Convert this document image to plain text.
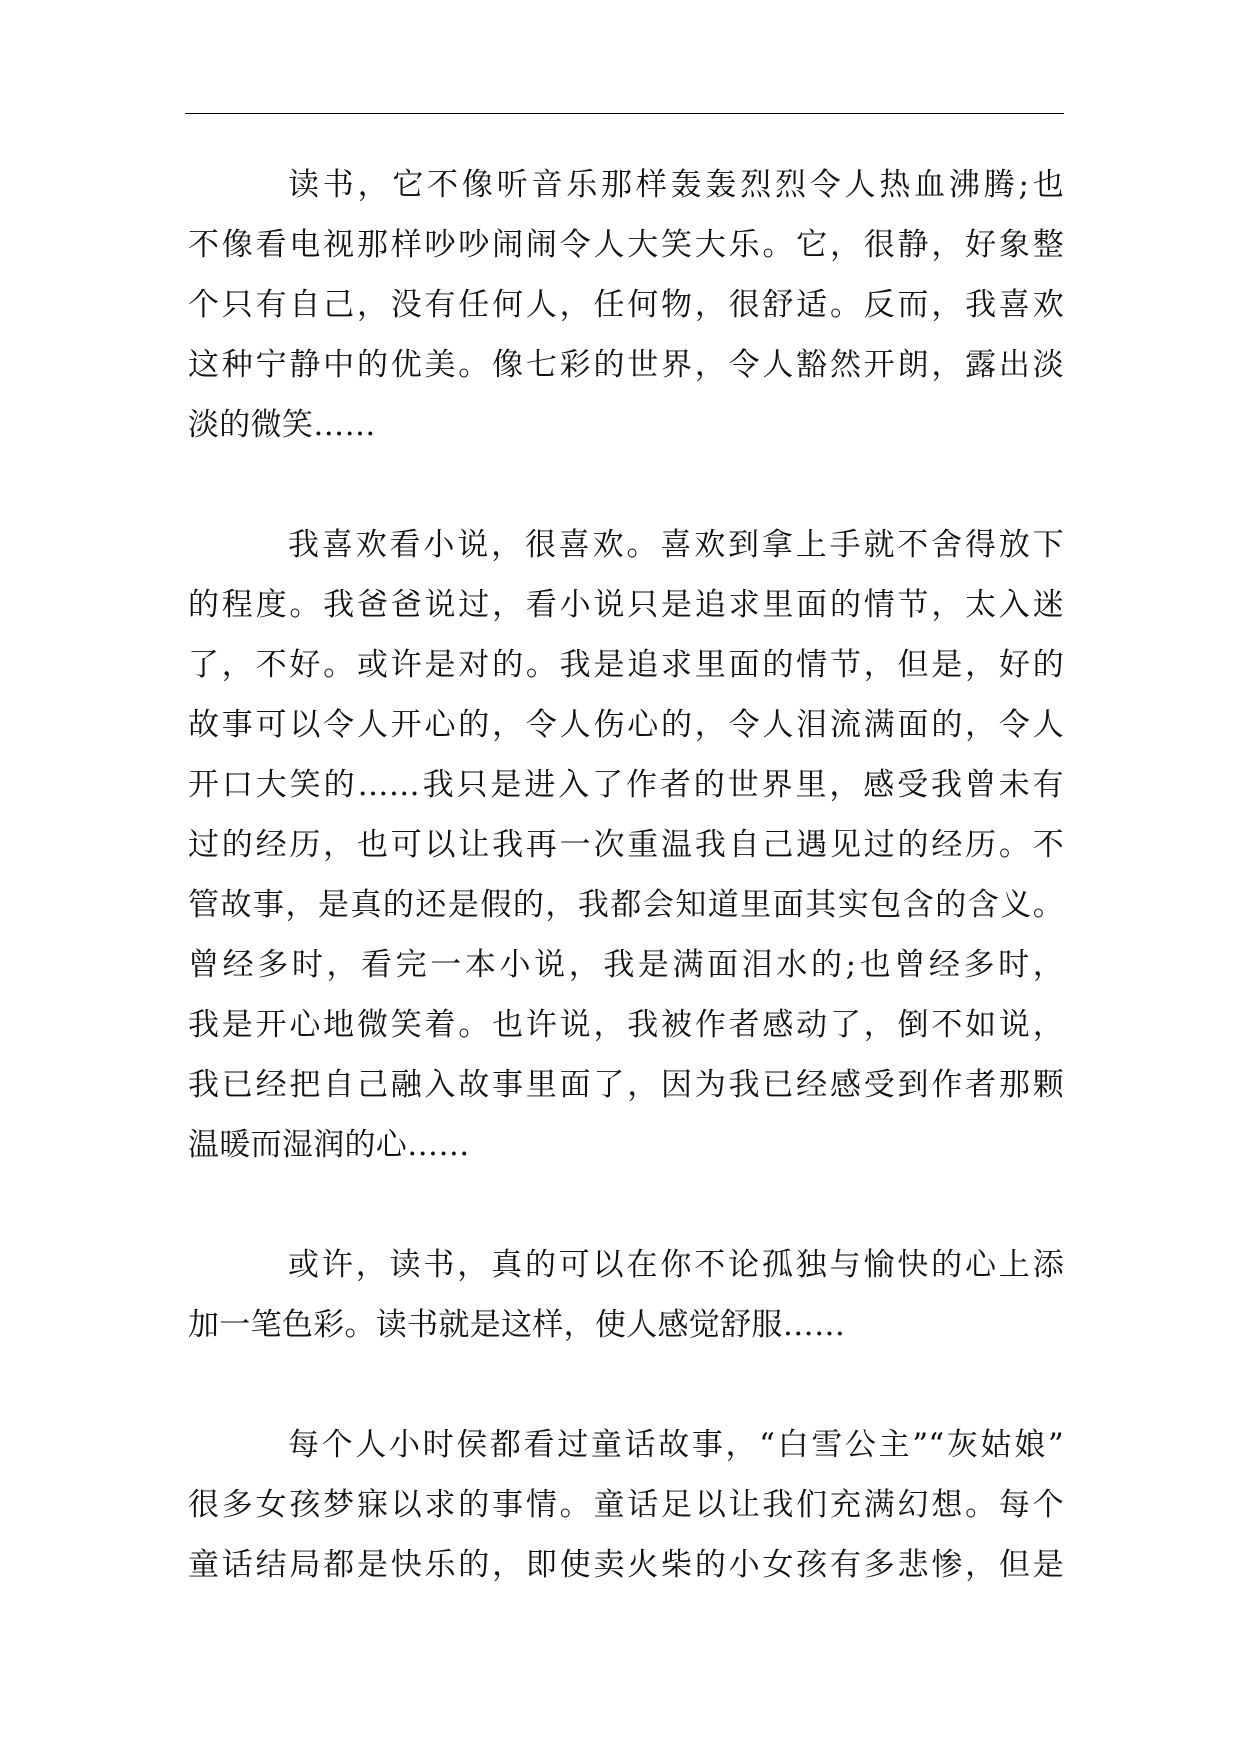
读书，它不像听音乐那样轰轰烈烈令人热血沸腾;也
不像看电视那样吵吵闹闹令人大笑大乐。它，很静，好象整
个只有自己，没有任何人，任何物，很舒适。反而，我喜欢
这种宁静中的优美。像七彩的世界，令人豁然开朗，露出淡
淡的微笑……

我喜欢看小说，很喜欢。喜欢到拿上手就不舍得放下
的程度。我爸爸说过，看小说只是追求里面的情节，太入迷
了，不好。或许是对的。我是追求里面的情节，但是，好的
故事可以令人开心的，令人伤心的，令人泪流满面的，令人
开口大笑的……我只是进入了作者的世界里，感受我曾未有
过的经历，也可以让我再一次重温我自己遇见过的经历。不
管故事，是真的还是假的，我都会知道里面其实包含的含义。
曾经多时，看完一本小说，我是满面泪水的;也曾经多时，
我是开心地微笑着。也许说，我被作者感动了，倒不如说，
我已经把自己融入故事里面了，因为我已经感受到作者那颗
温暖而湿润的心……

或许，读书，真的可以在你不论孤独与愉快的心上添
加一笔色彩。读书就是这样，使人感觉舒服……

每个人小时侯都看过童话故事，“白雪公主”“灰姑娘”
很多女孩梦寐以求的事情。童话足以让我们充满幻想。每个
童话结局都是快乐的，即使卖火柴的小女孩有多悲惨，但是
